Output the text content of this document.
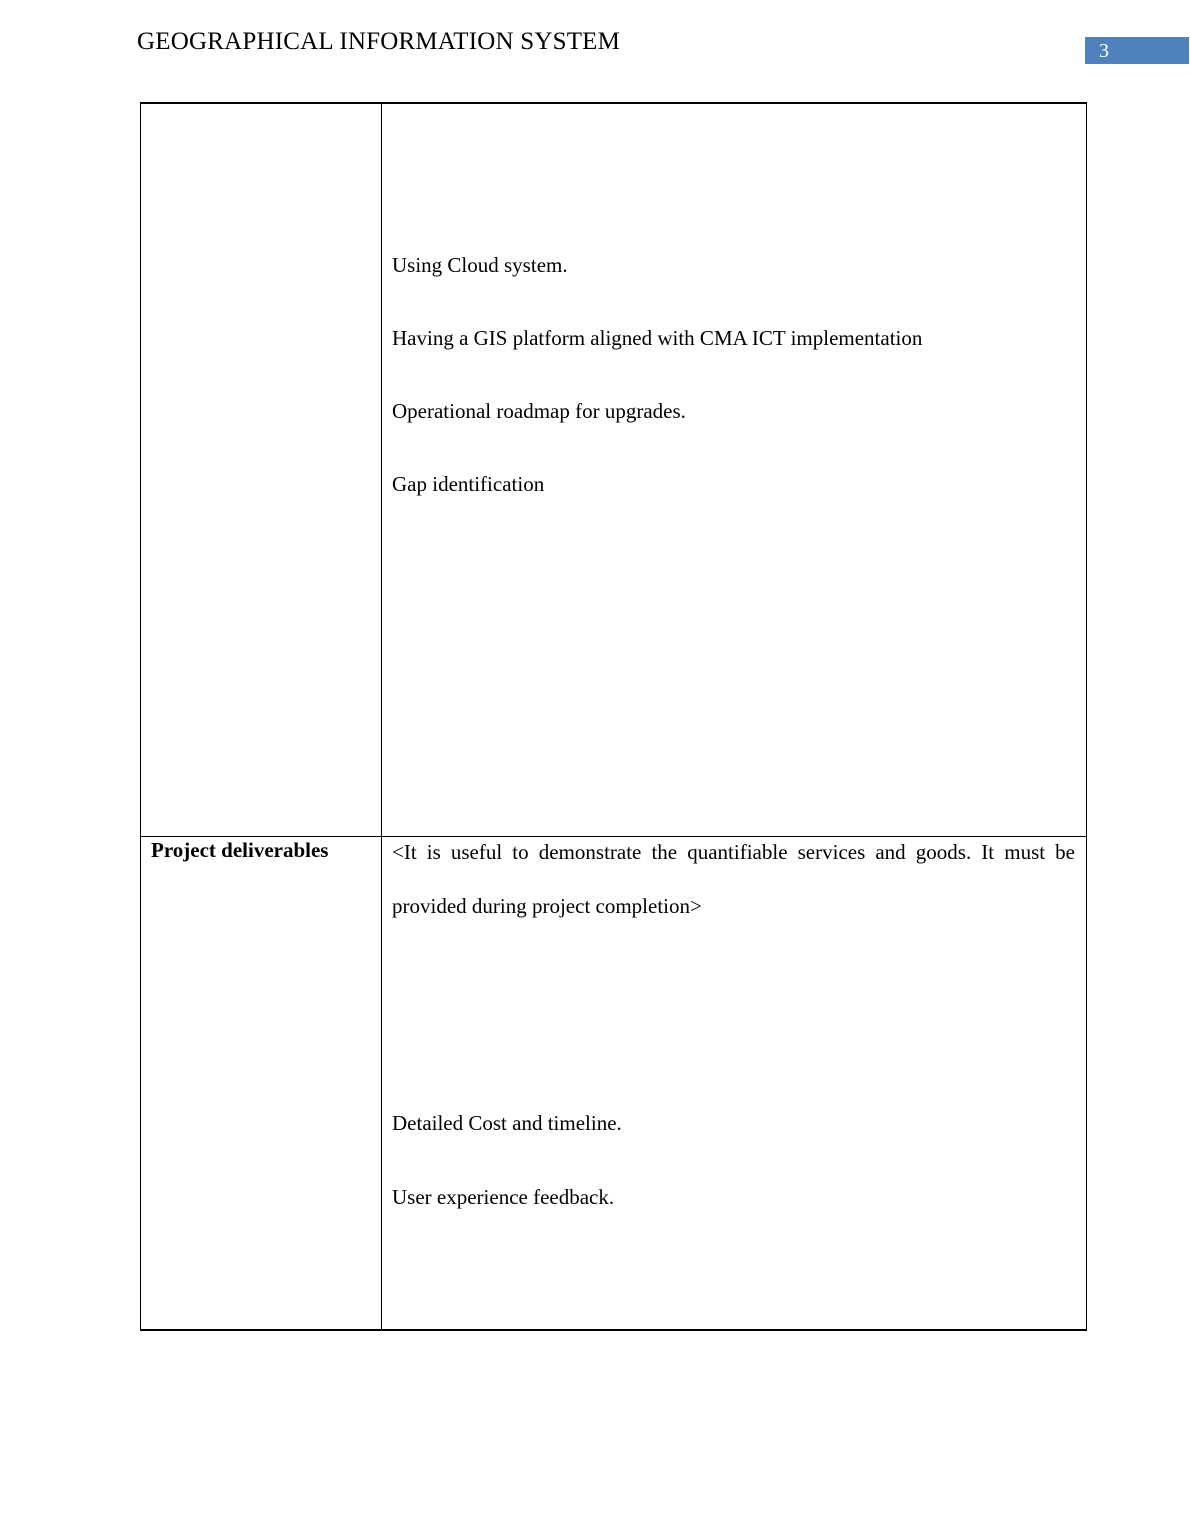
GEOGRAPHICAL INFORMATION SYSTEM	3

	Using Cloud system.
Having a GIS platform aligned with CMA ICT implementation
Operational roadmap for upgrades.
Gap identification

Project deliverables	<It is useful to demonstrate the quantifiable services and goods. It must be provided during project completion>
Detailed Cost and timeline.
User experience feedback.
